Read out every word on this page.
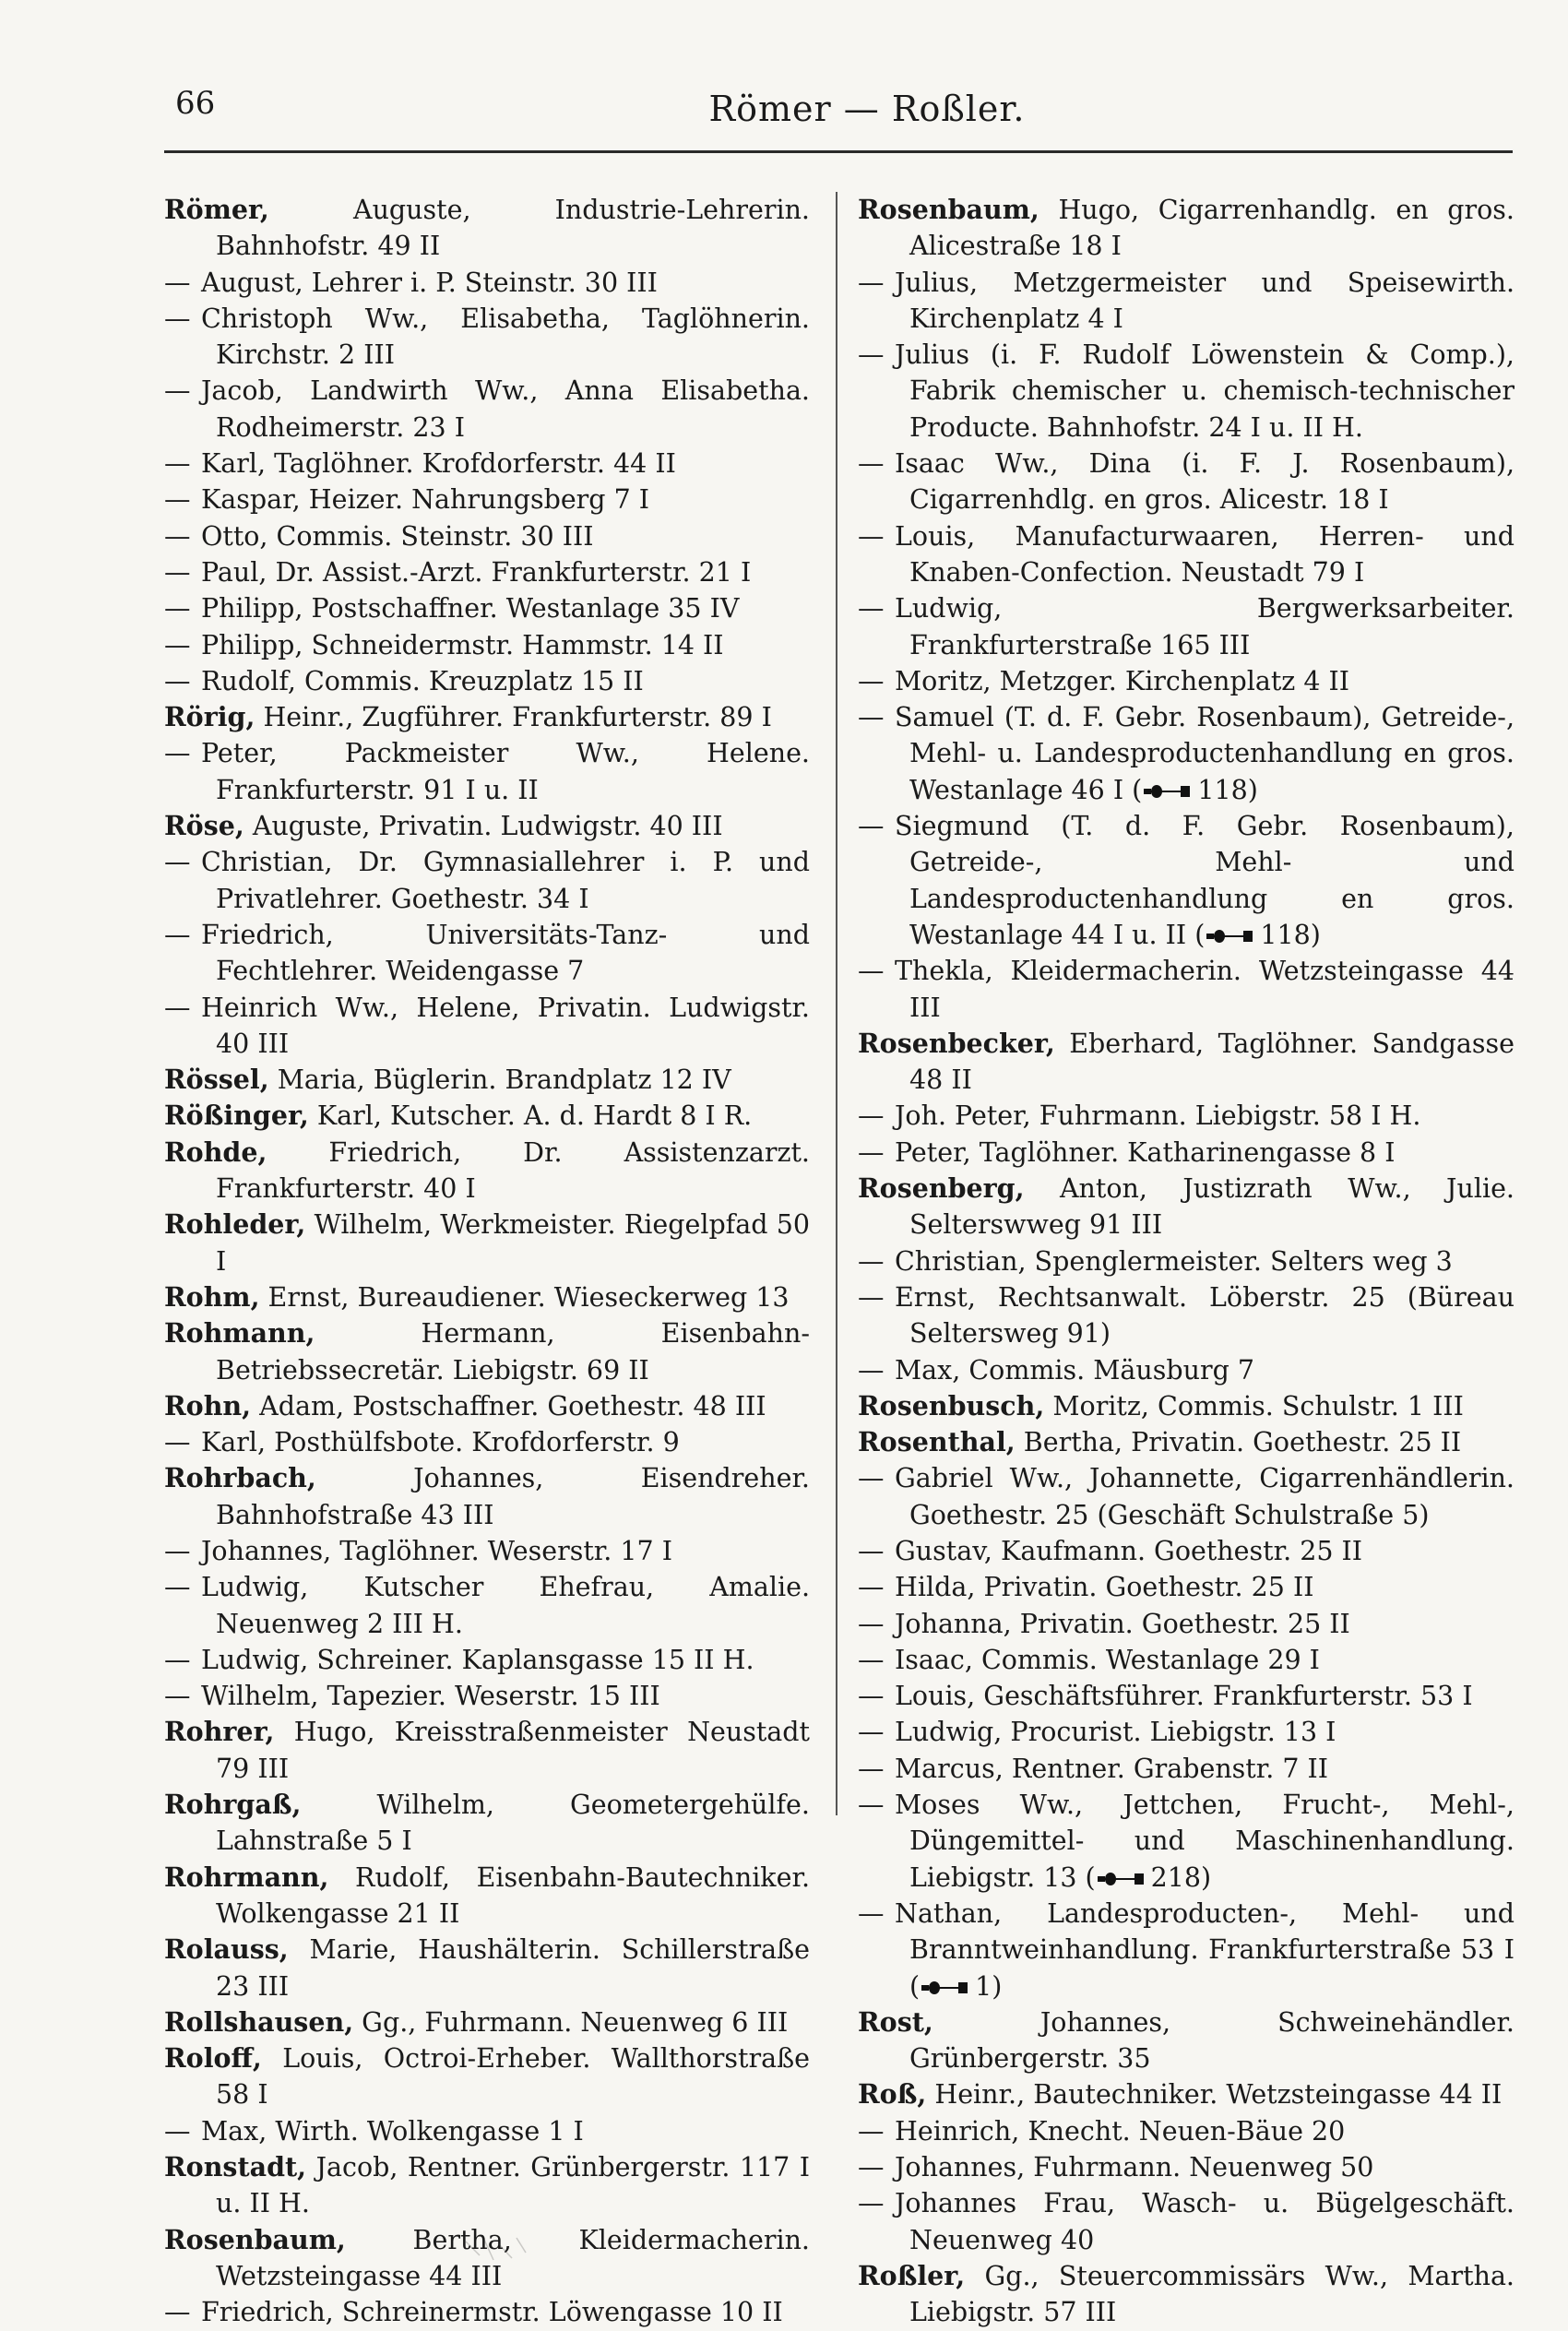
66	Römer — Roßler.

Römer, Auguste, Industrie-Lehrerin. Bahnhofstr. 49 II

— August, Lehrer i. P. Steinstr. 30 III

— Christoph Ww., Elisabetha, Taglöhnerin. Kirchstr. 2 III

— Jacob, Landwirth Ww., Anna Elisabetha. Rodheimerstr. 23 I

— Karl, Taglöhner. Krofdorferstr. 44 II

— Kaspar, Heizer. Nahrungsberg 7 I

— Otto, Commis. Steinstr. 30 III

— Paul, Dr. Assist.-Arzt. Frankfurterstr. 21 I

— Philipp, Postschaffner. Westanlage 35 IV

— Philipp, Schneidermstr. Hammstr. 14 II

— Rudolf, Commis. Kreuzplatz 15 II

Rörig, Heinr., Zugführer. Frankfurterstr. 89 I

— Peter, Packmeister Ww., Helene. Frankfurterstr. 91 I u. II

Röse, Auguste, Privatin. Ludwigstr. 40 III

— Christian, Dr. Gymnasiallehrer i. P. und Privatlehrer. Goethestr. 34 I

— Friedrich, Universitäts-Tanz- und Fechtlehrer. Weidengasse 7

— Heinrich Ww., Helene, Privatin. Ludwigstr. 40 III

Rössel, Maria, Büglerin. Brandplatz 12 IV

Rößinger, Karl, Kutscher. A. d. Hardt 8 I R.

Rohde, Friedrich, Dr. Assistenzarzt. Frankfurterstr. 40 I

Rohleder, Wilhelm, Werkmeister. Riegelpfad 50 I

Rohm, Ernst, Bureaudiener. Wieseckerweg 13

Rohmann, Hermann, Eisenbahn-Betriebssecretär. Liebigstr. 69 II

Rohn, Adam, Postschaffner. Goethestr. 48 III

— Karl, Posthülfsbote. Krofdorferstr. 9

Rohrbach, Johannes, Eisendreher. Bahnhofstraße 43 III

— Johannes, Taglöhner. Weserstr. 17 I

— Ludwig, Kutscher Ehefrau, Amalie. Neuenweg 2 III H.

— Ludwig, Schreiner. Kaplansgasse 15 II H.

— Wilhelm, Tapezier. Weserstr. 15 III

Rohrer, Hugo, Kreisstraßenmeister Neustadt 79 III

Rohrgaß, Wilhelm, Geometergehülfe. Lahnstraße 5 I

Rohrmann, Rudolf, Eisenbahn-Bautechniker. Wolkengasse 21 II

Rolauss, Marie, Haushälterin. Schillerstraße 23 III

Rollshausen, Gg., Fuhrmann. Neuenweg 6 III

Roloff, Louis, Octroi-Erheber. Wallthorstraße 58 I

— Max, Wirth. Wolkengasse 1 I

Ronstadt, Jacob, Rentner. Grünbergerstr. 117 I u. II H.

Rosenbaum, Bertha, Kleidermacherin. Wetzsteingasse 44 III

— Friedrich, Schreinermstr. Löwengasse 10 II

Rosenbaum, Hugo, Cigarrenhandlg. en gros. Alicestraße 18 I

— Julius, Metzgermeister und Speisewirth. Kirchenplatz 4 I

— Julius (i. F. Rudolf Löwenstein & Comp.), Fabrik chemischer u. chemisch-technischer Producte. Bahnhofstr. 24 I u. II H.

— Isaac Ww., Dina (i. F. J. Rosenbaum), Cigarrenhdlg. en gros. Alicestr. 18 I

— Louis, Manufacturwaaren, Herren- und Knaben-Confection. Neustadt 79 I

— Ludwig, Bergwerksarbeiter. Frankfurterstraße 165 III

— Moritz, Metzger. Kirchenplatz 4 II

— Samuel (T. d. F. Gebr. Rosenbaum), Getreide-, Mehl- u. Landesproductenhandlung en gros. Westanlage 46 I ( 118)

— Siegmund (T. d. F. Gebr. Rosenbaum), Getreide-, Mehl- und Landesproductenhandlung en gros. Westanlage 44 I u. II ( 118)

— Thekla, Kleidermacherin. Wetzsteingasse 44 III

Rosenbecker, Eberhard, Taglöhner. Sandgasse 48 II

— Joh. Peter, Fuhrmann. Liebigstr. 58 I H.

— Peter, Taglöhner. Katharinengasse 8 I

Rosenberg, Anton, Justizrath Ww., Julie. Selterswweg 91 III

— Christian, Spenglermeister. Selters weg 3

— Ernst, Rechtsanwalt. Löberstr. 25 (Büreau Seltersweg 91)

— Max, Commis. Mäusburg 7

Rosenbusch, Moritz, Commis. Schulstr. 1 III

Rosenthal, Bertha, Privatin. Goethestr. 25 II

— Gabriel Ww., Johannette, Cigarrenhändlerin. Goethestr. 25 (Geschäft Schulstraße 5)

— Gustav, Kaufmann. Goethestr. 25 II

— Hilda, Privatin. Goethestr. 25 II

— Johanna, Privatin. Goethestr. 25 II

— Isaac, Commis. Westanlage 29 I

— Louis, Geschäftsführer. Frankfurterstr. 53 I

— Ludwig, Procurist. Liebigstr. 13 I

— Marcus, Rentner. Grabenstr. 7 II

— Moses Ww., Jettchen, Frucht-, Mehl-, Düngemittel- und Maschinenhandlung. Liebigstr. 13 ( 218)

— Nathan, Landesproducten-, Mehl- und Branntweinhandlung. Frankfurterstraße 53 I ( 1)

Rost, Johannes, Schweinehändler. Grünbergerstr. 35

Roß, Heinr., Bautechniker. Wetzsteingasse 44 II

— Heinrich, Knecht. Neuen-Bäue 20

— Johannes, Fuhrmann. Neuenweg 50

— Johannes Frau, Wasch- u. Bügelgeschäft. Neuenweg 40

Roßler, Gg., Steuercommissärs Ww., Martha. Liebigstr. 57 III
